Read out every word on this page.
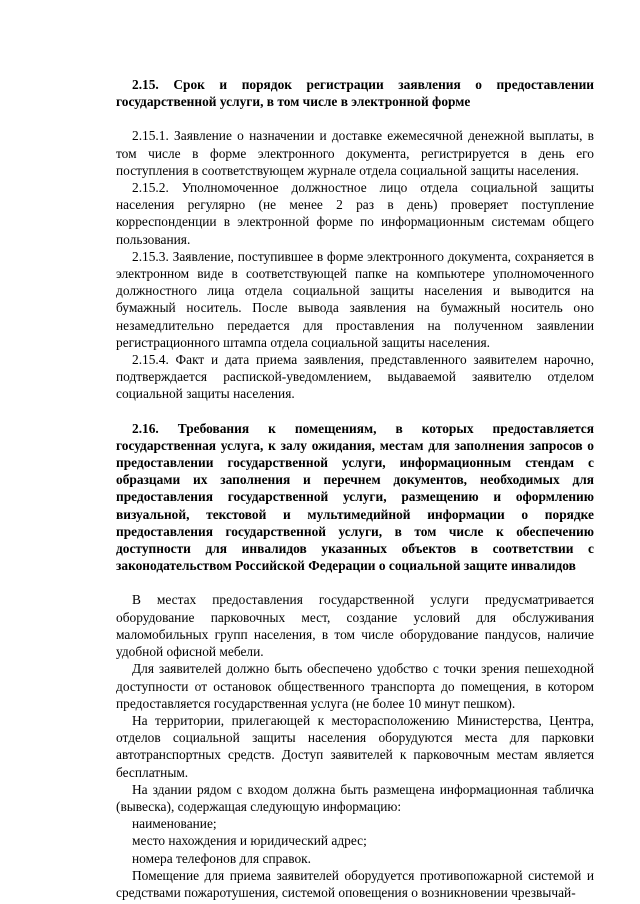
2.15. Срок и порядок регистрации заявления о предоставлении государственной услуги, в том числе в электронной форме

2.15.1. Заявление о назначении и доставке ежемесячной денежной выплаты, в том числе в форме электронного документа, регистрируется в день его поступления в соответствующем журнале отдела социальной защиты населения.

2.15.2. Уполномоченное должностное лицо отдела социальной защиты населения регулярно (не менее 2 раз в день) проверяет поступление корреспонденции в электронной форме по информационным системам общего пользования.

2.15.3. Заявление, поступившее в форме электронного документа, сохраняется в электронном виде в соответствующей папке на компьютере уполномоченного должностного лица отдела социальной защиты населения и выводится на бумажный носитель. После вывода заявления на бумажный носитель оно незамедлительно передается для проставления на полученном заявлении регистрационного штампа отдела социальной защиты населения.

2.15.4. Факт и дата приема заявления, представленного заявителем нарочно, подтверждается распиской-уведомлением, выдаваемой заявителю отделом социальной защиты населения.

2.16. Требования к помещениям, в которых предоставляется государственная услуга, к залу ожидания, местам для заполнения запросов о предоставлении государственной услуги, информационным стендам с образцами их заполнения и перечнем документов, необходимых для предоставления государственной услуги, размещению и оформлению визуальной, текстовой и мультимедийной информации о порядке предоставления государственной услуги, в том числе к обеспечению доступности для инвалидов указанных объектов в соответствии с законодательством Российской Федерации о социальной защите инвалидов

В местах предоставления государственной услуги предусматривается оборудование парковочных мест, создание условий для обслуживания маломобильных групп населения, в том числе оборудование пандусов, наличие удобной офисной мебели.

Для заявителей должно быть обеспечено удобство с точки зрения пешеходной доступности от остановок общественного транспорта до помещения, в котором предоставляется государственная услуга (не более 10 минут пешком).

На территории, прилегающей к месторасположению Министерства, Центра, отделов социальной защиты населения оборудуются места для парковки автотранспортных средств. Доступ заявителей к парковочным местам является бесплатным.

На здании рядом с входом должна быть размещена информационная табличка (вывеска), содержащая следующую информацию:

наименование;

место нахождения и юридический адрес;

номера телефонов для справок.

Помещение для приема заявителей оборудуется противопожарной системой и средствами пожаротушения, системой оповещения о возникновении чрезвычай-
